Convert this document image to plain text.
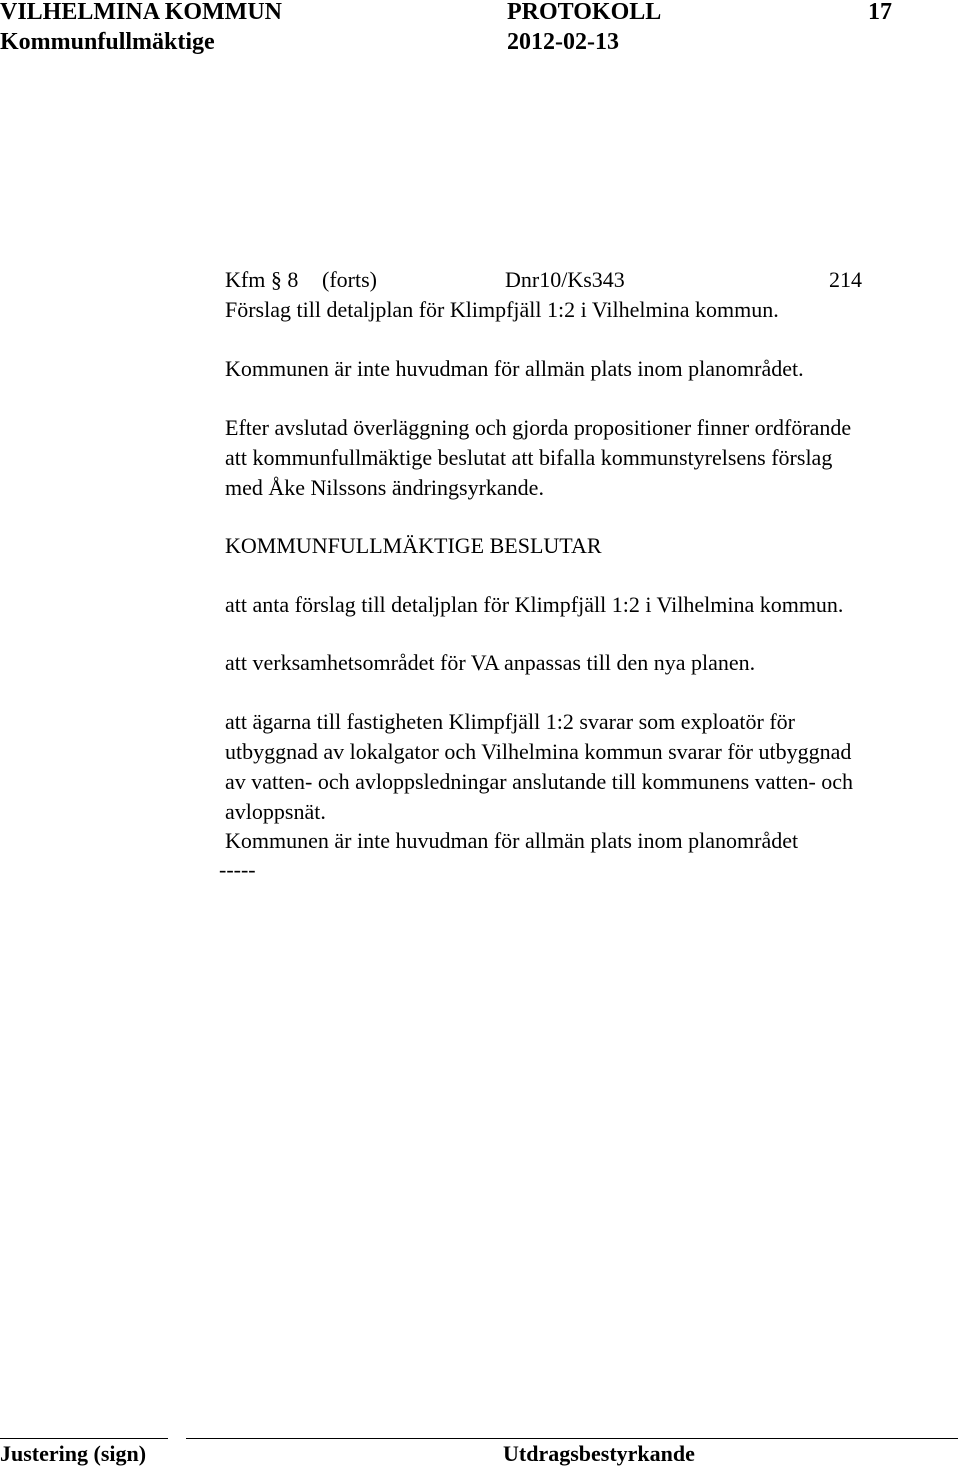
VILHELMINA KOMMUN	PROTOKOLL	17
Kommunfullmäktige	2012-02-13
Kfm § 8 (forts)	Dnr10/Ks343	214
Förslag till detaljplan för Klimpfjäll 1:2 i Vilhelmina kommun.
Kommunen är inte huvudman för allmän plats inom planområdet.
Efter avslutad överläggning och gjorda propositioner finner ordförande
att kommunfullmäktige beslutat att bifalla kommunstyrelsens förslag
med Åke Nilssons ändringsyrkande.
KOMMUNFULLMÄKTIGE BESLUTAR
att anta förslag till detaljplan för Klimpfjäll 1:2 i Vilhelmina kommun.
att verksamhetsområdet för VA anpassas till den nya planen.
att ägarna till fastigheten Klimpfjäll 1:2 svarar som exploatör för
utbyggnad av lokalgator och Vilhelmina kommun svarar för utbyggnad
av vatten- och avloppsledningar anslutande till kommunens vatten- och
avloppsnät.
Kommunen är inte huvudman för allmän plats inom planområdet
-----
Justering (sign)	Utdragsbestyrkande
